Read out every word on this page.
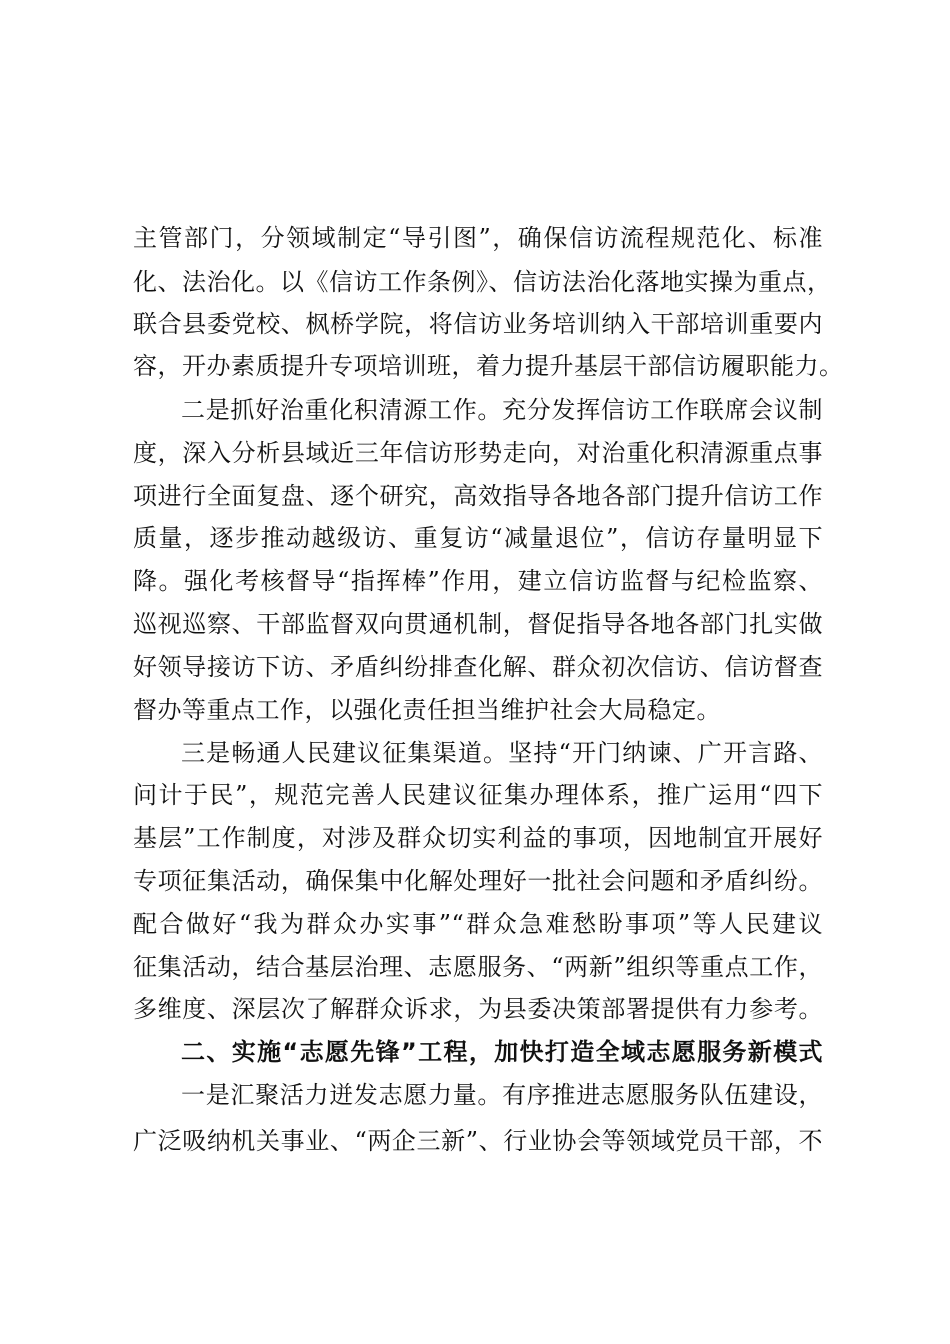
主管部门，分领域制定“导引图”，确保信访流程规范化、标准
化、法治化。以《信访工作条例》、信访法治化落地实操为重点，
联合县委党校、枫桥学院，将信访业务培训纳入干部培训重要内
容，开办素质提升专项培训班，着力提升基层干部信访履职能力。
二是抓好治重化积清源工作。充分发挥信访工作联席会议制
度，深入分析县域近三年信访形势走向，对治重化积清源重点事
项进行全面复盘、逐个研究，高效指导各地各部门提升信访工作
质量，逐步推动越级访、重复访“减量退位”，信访存量明显下
降。强化考核督导“指挥棒”作用，建立信访监督与纪检监察、
巡视巡察、干部监督双向贯通机制，督促指导各地各部门扎实做
好领导接访下访、矛盾纠纷排查化解、群众初次信访、信访督查
督办等重点工作，以强化责任担当维护社会大局稳定。
三是畅通人民建议征集渠道。坚持“开门纳谏、广开言路、
问计于民”，规范完善人民建议征集办理体系，推广运用“四下
基层”工作制度，对涉及群众切实利益的事项，因地制宜开展好
专项征集活动，确保集中化解处理好一批社会问题和矛盾纠纷。
配合做好“我为群众办实事”“群众急难愁盼事项”等人民建议
征集活动，结合基层治理、志愿服务、“两新”组织等重点工作，
多维度、深层次了解群众诉求，为县委决策部署提供有力参考。
二、实施“志愿先锋”工程，加快打造全域志愿服务新模式
一是汇聚活力迸发志愿力量。有序推进志愿服务队伍建设，
广泛吸纳机关事业、“两企三新”、行业协会等领域党员干部，不
